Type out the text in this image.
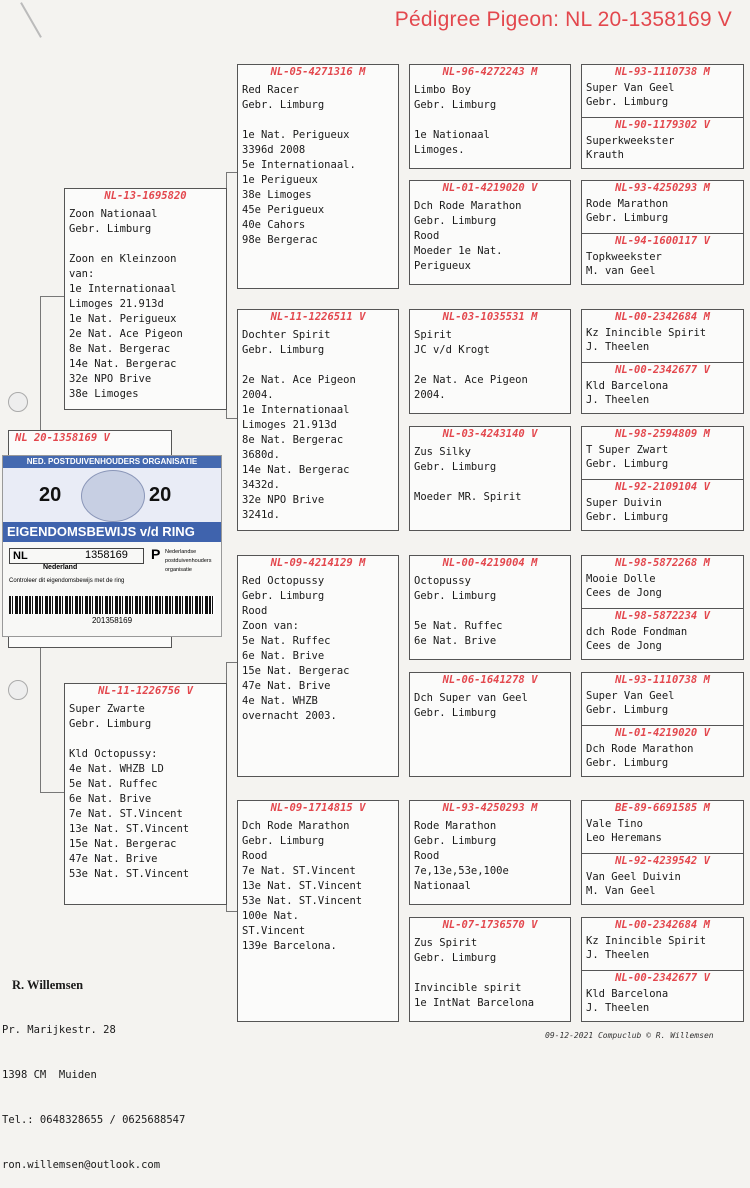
Pédigree Pigeon: NL 20-1358169 V
NL 20-1358169 V
NED. POSTDUIVENHOUDERS ORGANISATIE
20	20
EIGENDOMSBEWIJS v/d RING
NL	1358169
Nederland
Controleer dit eigendomsbewijs met de ring
P Nederlandse
postduivenhouders
organisatie
201358169
NL-13-1695820
Zoon Nationaal
Gebr. Limburg

Zoon en Kleinzoon
van:
1e Internationaal
Limoges 21.913d
1e Nat. Perigueux
2e Nat. Ace Pigeon
8e Nat. Bergerac
14e Nat. Bergerac
32e NPO Brive
38e Limoges
NL-11-1226756 V
Super Zwarte
Gebr. Limburg

Kld Octopussy:
4e Nat. WHZB LD
5e Nat. Ruffec
6e Nat. Brive
7e Nat. ST.Vincent
13e Nat. ST.Vincent
15e Nat. Bergerac
47e Nat. Brive
53e Nat. ST.Vincent
NL-05-4271316 M
Red Racer
Gebr. Limburg

1e Nat. Perigueux
3396d 2008
5e Internationaal.
1e Perigueux
38e Limoges
45e Perigueux
40e Cahors
98e Bergerac
NL-11-1226511 V
Dochter Spirit
Gebr. Limburg

2e Nat. Ace Pigeon
2004.
1e Internationaal
Limoges 21.913d
8e Nat. Bergerac
3680d.
14e Nat. Bergerac
3432d.
32e NPO Brive
3241d.
NL-09-4214129 M
Red Octopussy
Gebr. Limburg
Rood
Zoon van:
5e Nat. Ruffec
6e Nat. Brive
15e Nat. Bergerac
47e Nat. Brive
4e Nat. WHZB
overnacht 2003.
NL-09-1714815 V
Dch Rode Marathon
Gebr. Limburg
Rood
7e Nat. ST.Vincent
13e Nat. ST.Vincent
53e Nat. ST.Vincent
100e Nat.
ST.Vincent
139e Barcelona.
NL-96-4272243 M
Limbo Boy
Gebr. Limburg

1e Nationaal
Limoges.
NL-01-4219020 V
Dch Rode Marathon
Gebr. Limburg
Rood
Moeder 1e Nat.
Perigueux
NL-03-1035531 M
Spirit
JC v/d Krogt

2e Nat. Ace Pigeon
2004.
NL-03-4243140 V
Zus Silky
Gebr. Limburg

Moeder MR. Spirit
NL-00-4219004 M
Octopussy
Gebr. Limburg

5e Nat. Ruffec
6e Nat. Brive
NL-06-1641278 V
Dch Super van Geel
Gebr. Limburg
NL-93-4250293 M
Rode Marathon
Gebr. Limburg
Rood
7e,13e,53e,100e
Nationaal
NL-07-1736570 V
Zus Spirit
Gebr. Limburg

Invincible spirit
1e IntNat Barcelona
NL-93-1110738 M
Super Van Geel
Gebr. Limburg
NL-90-1179302 V
Superkweekster
Krauth
NL-93-4250293 M
Rode Marathon
Gebr. Limburg
NL-94-1600117 V
Topkweekster
M. van Geel
NL-00-2342684 M
Kz Inincible Spirit
J. Theelen
NL-00-2342677 V
Kld Barcelona
J. Theelen
NL-98-2594809 M
T Super Zwart
Gebr. Limburg
NL-92-2109104 V
Super Duivin
Gebr. Limburg
NL-98-5872268 M
Mooie Dolle
Cees de Jong
NL-98-5872234 V
dch Rode Fondman
Cees de Jong
NL-93-1110738 M
Super Van Geel
Gebr. Limburg
NL-01-4219020 V
Dch Rode Marathon
Gebr. Limburg
BE-89-6691585 M
Vale Tino
Leo Heremans
NL-92-4239542 V
Van Geel Duivin
M. Van Geel
NL-00-2342684 M
Kz Inincible Spirit
J. Theelen
NL-00-2342677 V
Kld Barcelona
J. Theelen

R. Willemsen

Pr. Marijkestr. 28

1398 CM  Muiden

Tel.: 0648328655 / 0625688547

ron.willemsen@outlook.com

09-12-2021 Compuclub © R. Willemsen
